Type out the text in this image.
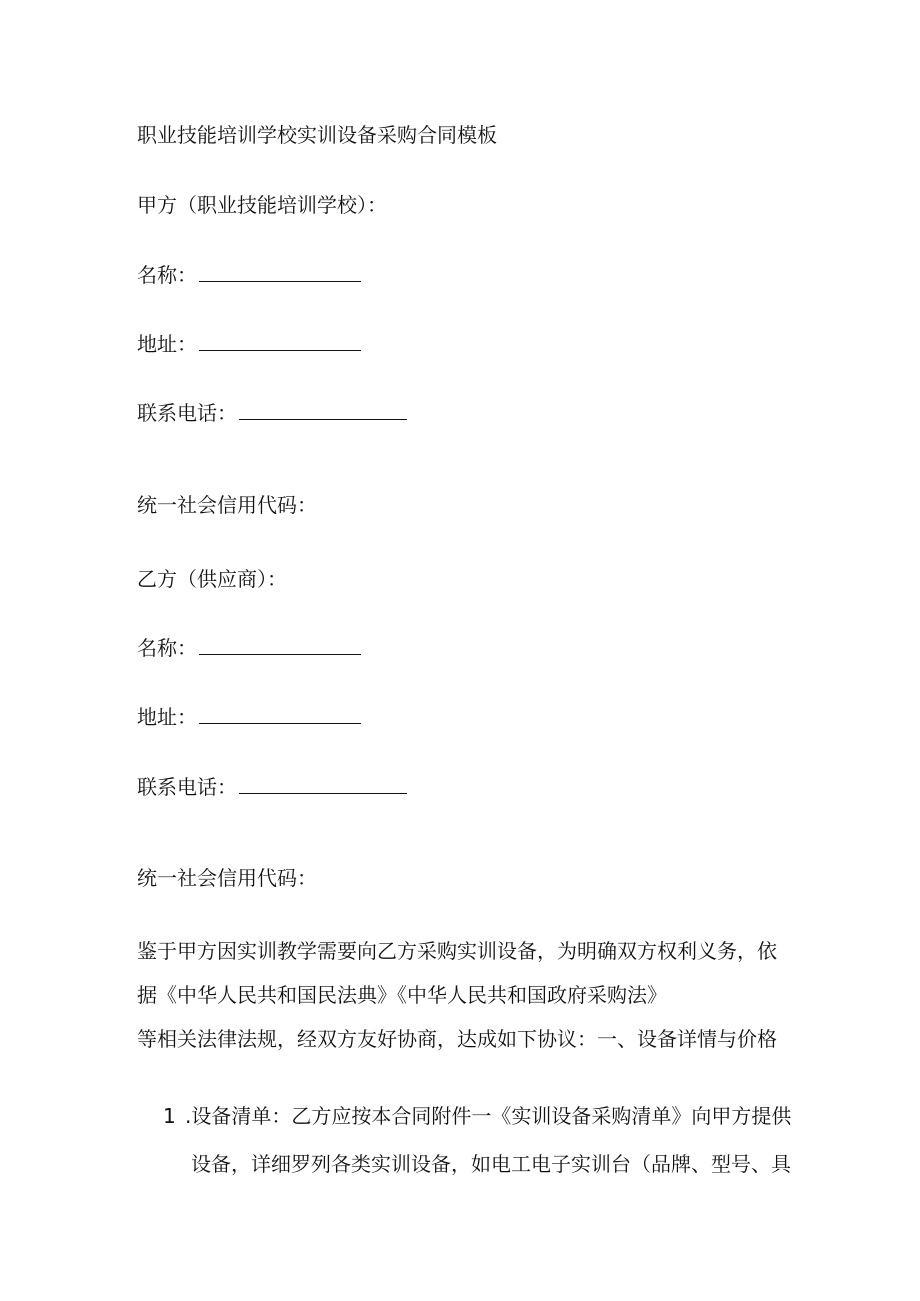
职业技能培训学校实训设备采购合同模板
甲方（职业技能培训学校）：
名称：
地址：
联系电话：
统一社会信用代码：
乙方（供应商）：
名称：
地址：
联系电话：
统一社会信用代码：
鉴于甲方因实训教学需要向乙方采购实训设备，为明确双方权利义务，依
据《中华人民共和国民法典》《中华人民共和国政府采购法》
等相关法律法规，经双方友好协商，达成如下协议：一、设备详情与价格
1 .设备清单：乙方应按本合同附件一《实训设备采购清单》向甲方提供
设备，详细罗列各类实训设备，如电工电子实训台（品牌、型号、具
